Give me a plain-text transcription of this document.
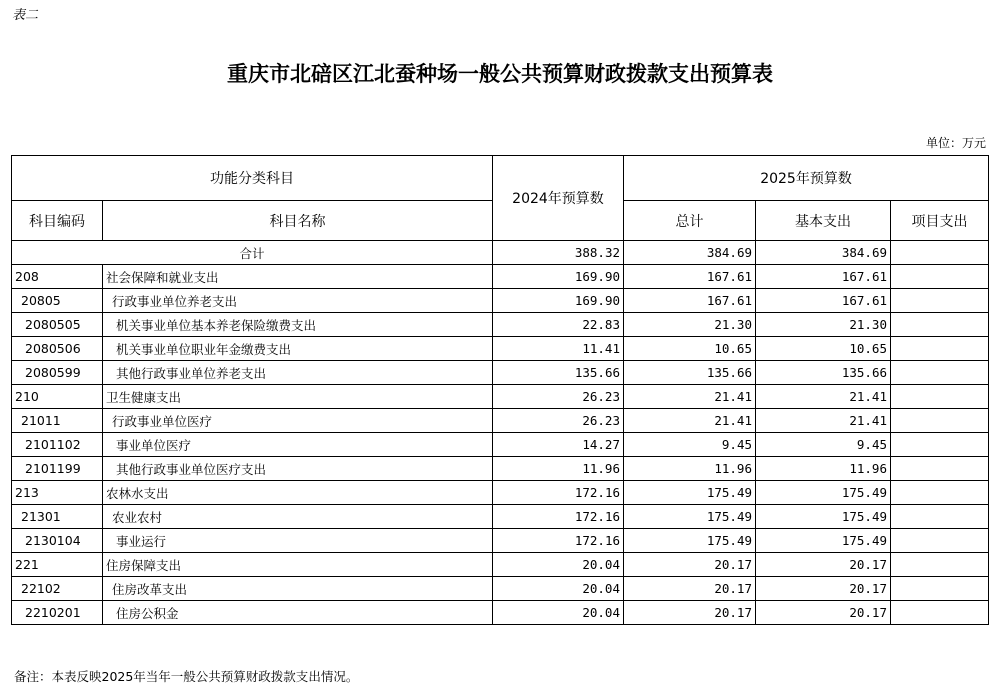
表二
重庆市北碚区江北蚕种场一般公共预算财政拨款支出预算表
单位：万元
功能分类科目		2024年预算数	2025年预算数		
科目编码	科目名称		总计	基本支出	项目支出
合计		388.32	384.69	384.69	
208	社会保障和就业支出	169.90	167.61	167.61	
20805	行政事业单位养老支出	169.90	167.61	167.61	
2080505	机关事业单位基本养老保险缴费支出	22.83	21.30	21.30	
2080506	机关事业单位职业年金缴费支出	11.41	10.65	10.65	
2080599	其他行政事业单位养老支出	135.66	135.66	135.66	
210	卫生健康支出	26.23	21.41	21.41	
21011	行政事业单位医疗	26.23	21.41	21.41	
2101102	事业单位医疗	14.27	9.45	9.45	
2101199	其他行政事业单位医疗支出	11.96	11.96	11.96	
213	农林水支出	172.16	175.49	175.49	
21301	农业农村	172.16	175.49	175.49	
2130104	事业运行	172.16	175.49	175.49	
221	住房保障支出	20.04	20.17	20.17	
22102	住房改革支出	20.04	20.17	20.17	
2210201	住房公积金	20.04	20.17	20.17	
备注：本表反映2025年当年一般公共预算财政拨款支出情况。
